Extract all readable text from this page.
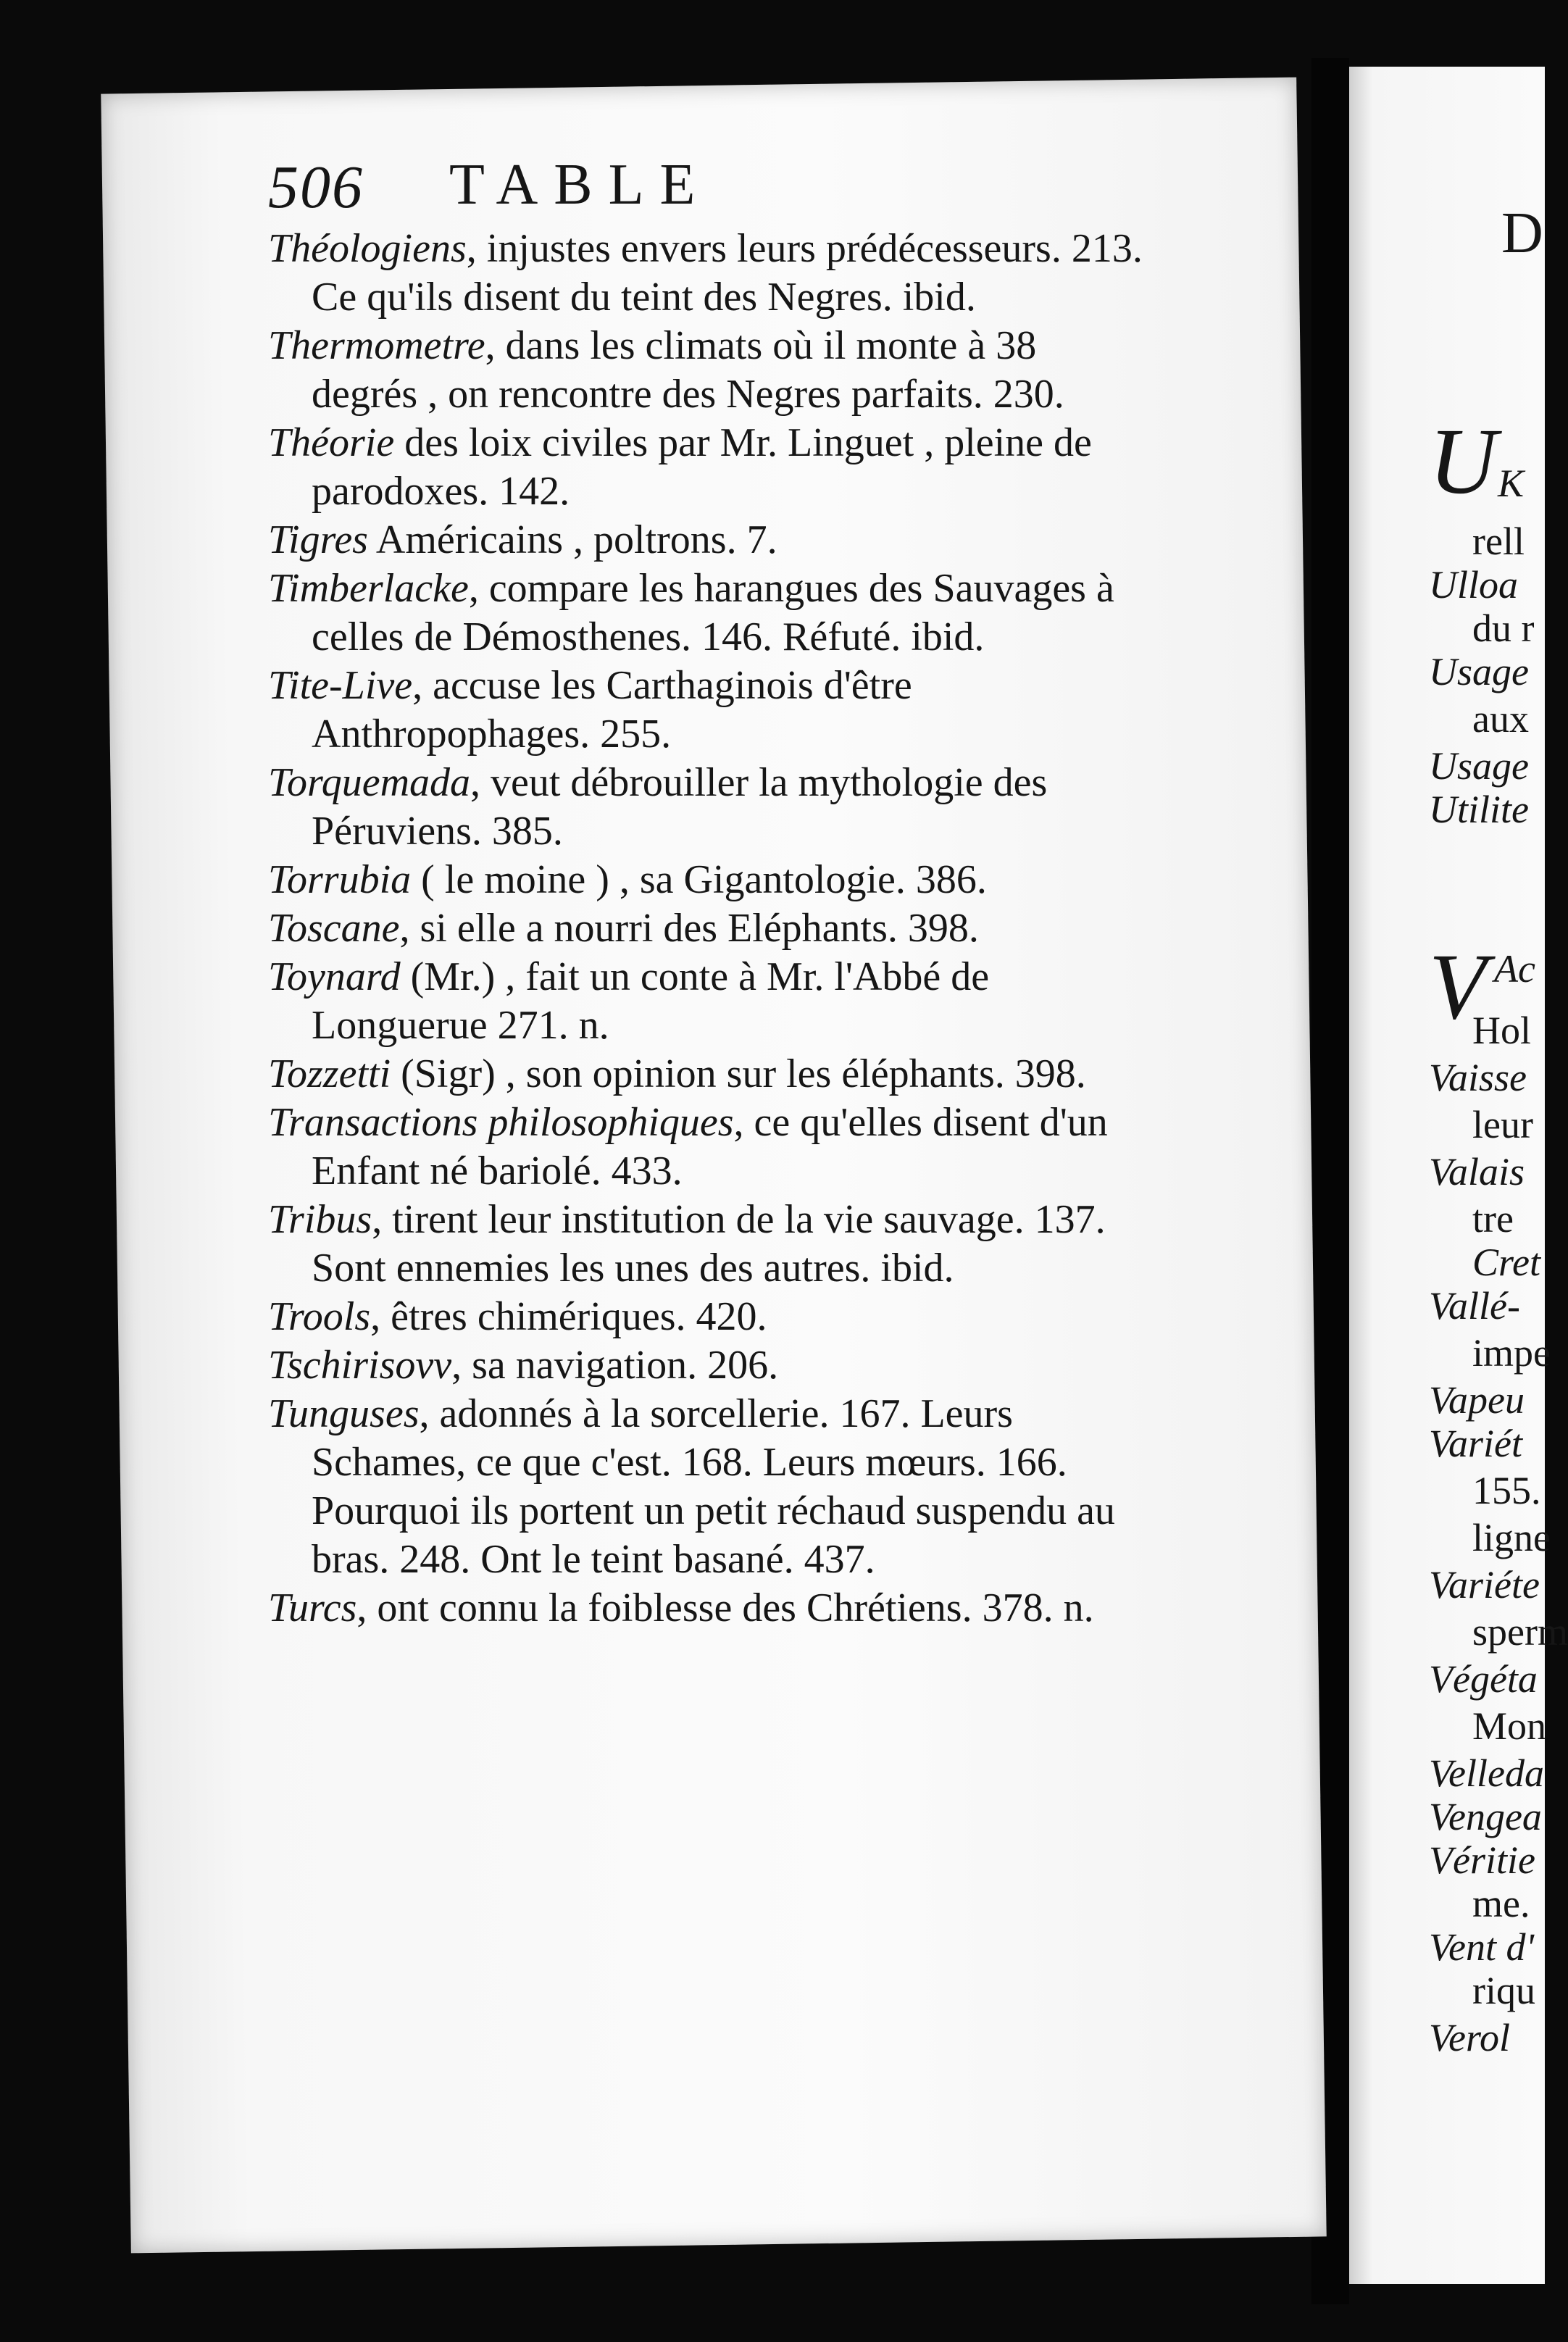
506 TABLE

Théologiens, injustes envers leurs prédécesseurs. 213. Ce qu'ils disent du teint des Negres. ibid.

Thermometre, dans les climats où il monte à 38 degrés , on rencontre des Negres parfaits. 230.

Théorie des loix civiles par Mr. Linguet , pleine de parodoxes. 142.

Tigres Américains , poltrons. 7.

Timberlacke, compare les harangues des Sauvages à celles de Démosthenes. 146. Réfuté. ibid.

Tite-Live, accuse les Carthaginois d'être Anthropophages. 255.

Torquemada, veut débrouiller la mythologie des Péruviens. 385.

Torrubia ( le moine ) , sa Gigantologie. 386.

Toscane, si elle a nourri des Eléphants. 398.

Toynard (Mr.) , fait un conte à Mr. l'Abbé de Longuerue 271. n.

Tozzetti (Sigr) , son opinion sur les éléphants. 398.

Transactions philosophiques, ce qu'elles disent d'un Enfant né bariolé. 433.

Tribus, tirent leur institution de la vie sauvage. 137. Sont ennemies les unes des autres. ibid.

Trools, êtres chimériques. 420.

Tschirisovv, sa navigation. 206.

Tunguses, adonnés à la sorcellerie. 167. Leurs Schames, ce que c'est. 168. Leurs mœurs. 166. Pourquoi ils portent un petit réchaud suspendu au bras. 248. Ont le teint basané. 437.

Turcs, ont connu la foiblesse des Chrétiens. 378. n.

D
U K
rell
Ulloa
du r
Usage
aux
Usage
Utilite
V Ac
Hol
Vaisse
leur
Valais
tre
Cret
Vallé-
impe
Vapeu
Variét
155.
ligne
Variéte
sperm
Végéta
Mon
Velleda
Vengea
Véritie
me.
Vent d'
riqu
Verol
